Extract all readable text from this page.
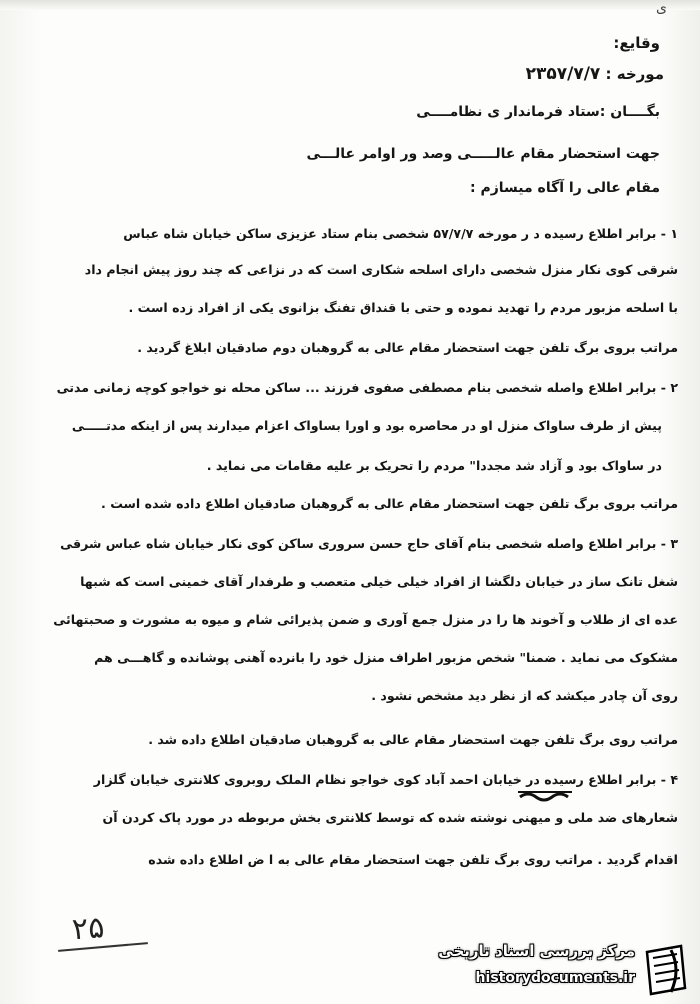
ی
وقایع:
مورخه : ۲۳۵۷/۷/۷
بگــــان :ستاد فرماندار ی نظامــــی
جهت استحضار مقام عالـــــی وصد ور اوامر عالـــی
مقام عالی را آگاه میسازم :
۱ - برابر اطلاع رسیده د ر مورخه ۵۷/۷/۷ شخصی بنام ستاد عزیزی ساکن خیابان شاه عباس
شرقی کوی نکار منزل شخصی دارای اسلحه شکاری است که در نزاعی که چند روز پیش انجام داد
با اسلحه مزبور مردم را تهدید نموده و حتی با قنداق تفنگ بزانوی یکی از افراد زده است .
مراتب بروی برگ تلفن جهت استحضار مقام عالی به گروهبان دوم صادقیان ابلاغ گردید .
۲ - برابر اطلاع واصله شخصی بنام مصطفی صفوی فرزند ... ساکن محله نو خواجو کوچه زمانی مدتی
پیش از طرف ساواک منزل او در محاصره بود و اورا بساواک اعزام میدارند پس از اینکه مدتـــــی
در ساواک بود و آزاد شد مجددا" مردم را تحریک بر علیه مقامات می نماید .
مراتب بروی برگ تلفن جهت استحضار مقام عالی به گروهبان صادقیان اطلاع داده شده است .
۳ - برابر اطلاع واصله شخصی بنام آقای حاج حسن سروری ساکن کوی نکار خیابان شاه عباس شرقی
شغل تانک ساز در خیابان دلگشا از افراد خیلی خیلی متعصب و طرفدار آقای خمینی است که شبها
عده ای از طلاب و آخوند ها را در منزل جمع آوری و ضمن پذیرائی شام و میوه به مشورت و صحبتهائی
مشکوک می نماید . ضمنا" شخص مزبور اطراف منزل خود را بانرده آهنی پوشانده و گاهـــی هم
روی آن چادر میکشد که از نظر دید مشخص نشود .
مراتب روی برگ تلفن جهت استحضار مقام عالی به گروهبان صادقیان اطلاع داده شد .
۴ - برابر اطلاع رسیده در خیابان احمد آباد کوی خواجو نظام الملک روبروی کلانتری خیابان گلزار
شعارهای ضد ملی و میهنی نوشته شده که توسط کلانتری بخش مربوطه در مورد پاک کردن آن
اقدام گردید . مراتب روی برگ تلفن جهت استحضار مقام عالی به ا ض اطلاع داده شده
۲۵
مرکز بررسی اسناد تاریخی
historydocuments.ir
